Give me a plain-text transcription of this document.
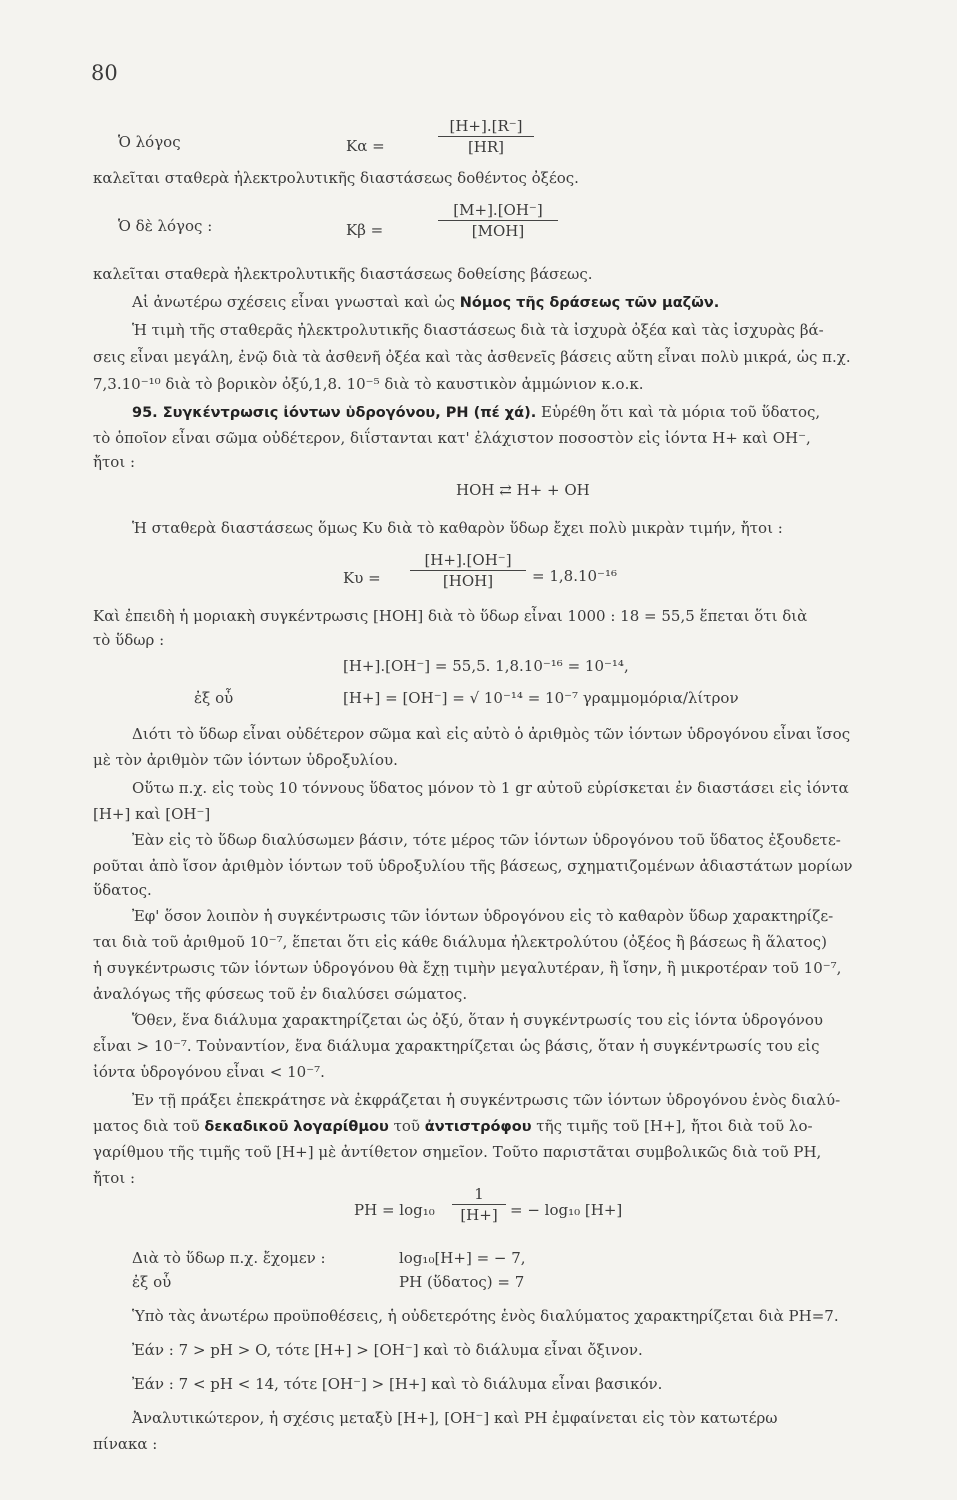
80
Ὁ λόγος	Κα =	$\frac{[H+].[R^-]}{[HR]}$
καλεῖται σταθερὰ ἠλεκτρολυτικῆς διαστάσεως δοθέντος ὀξέος.
Ὁ δὲ λόγος :	Κβ =
[Μ+].[ΟΗ⁻]
[ΜΟΗ]
καλεῖται σταθερὰ ἠλεκτρολυτικῆς διαστάσεως δοθείσης βάσεως.
Αἱ ἀνωτέρω σχέσεις εἶναι γνωσταὶ καὶ ὡς Νόμος τῆς δράσεως τῶν μαζῶν.
Ἡ τιμὴ τῆς σταθερᾶς ἠλεκτρολυτικῆς διαστάσεως διὰ τὰ ἰσχυρὰ ὀξέα καὶ τὰς ἰσχυρὰς βά-
σεις εἶναι μεγάλη, ἐνῷ διὰ τὰ ἀσθενῆ ὀξέα καὶ τὰς ἀσθενεῖς βάσεις αὕτη εἶναι πολὺ μικρά, ὡς π.χ.
7,3.10⁻¹⁰ διὰ τὸ βορικὸν ὀξύ,1,8. 10⁻⁵ διὰ τὸ καυστικὸν ἀμμώνιον κ.ο.κ.
95. Συγκέντρωσις ἰόντων ὑδρογόνου, PH (πέ χά). Εὑρέθη ὅτι καὶ τὰ μόρια τοῦ ὕδατος,
τὸ ὁποῖον εἶναι σῶμα οὐδέτερον, διΐστανται κατ' ἐλάχιστον ποσοστὸν εἰς ἰόντα Η+ καὶ ΟΗ⁻,
ἤτοι :
ΗΟΗ ⇄ Η+ + ΟΗ
Ἡ σταθερὰ διαστάσεως ὅμως Κυ διὰ τὸ καθαρὸν ὕδωρ ἔχει πολὺ μικρὰν τιμήν, ἤτοι :
Κυ =
[Η+].[ΟΗ⁻]
[ΗΟΗ]	= 1,8.10⁻¹⁶
Καὶ ἐπειδὴ ἡ μοριακὴ συγκέντρωσις [ΗΟΗ] διὰ τὸ ὕδωρ εἶναι 1000 : 18 = 55,5 ἕπεται ὅτι διὰ
τὸ ὕδωρ :
[Η+].[ΟΗ⁻] = 55,5. 1,8.10⁻¹⁶ = 10⁻¹⁴,
ἐξ οὗ	[Η+] = [ΟΗ⁻] = √ 10⁻¹⁴ = 10⁻⁷ γραμμομόρια/λίτρον
Διότι τὸ ὕδωρ εἶναι οὐδέτερον σῶμα καὶ εἰς αὐτὸ ὁ ἀριθμὸς τῶν ἰόντων ὑδρογόνου εἶναι ἴσος
μὲ τὸν ἀριθμὸν τῶν ἰόντων ὑδροξυλίου.
Οὕτω π.χ. εἰς τοὺς 10 τόννους ὕδατος μόνον τὸ 1 gr αὐτοῦ εὑρίσκεται ἐν διαστάσει εἰς ἰόντα
[Η+] καὶ [ΟΗ⁻]
Ἐὰν εἰς τὸ ὕδωρ διαλύσωμεν βάσιν, τότε μέρος τῶν ἰόντων ὑδρογόνου τοῦ ὕδατος ἐξουδετε-
ροῦται ἀπὸ ἴσον ἀριθμὸν ἰόντων τοῦ ὑδροξυλίου τῆς βάσεως, σχηματιζομένων ἀδιαστάτων μορίων
ὕδατος.
Ἐφ' ὅσον λοιπὸν ἡ συγκέντρωσις τῶν ἰόντων ὑδρογόνου εἰς τὸ καθαρὸν ὕδωρ χαρακτηρίζε-
ται διὰ τοῦ ἀριθμοῦ 10⁻⁷, ἕπεται ὅτι εἰς κάθε διάλυμα ἠλεκτρολύτου (ὀξέος ἢ βάσεως ἢ ἅλατος)
ἡ συγκέντρωσις τῶν ἰόντων ὑδρογόνου θὰ ἔχῃ τιμὴν μεγαλυτέραν, ἢ ἴσην, ἢ μικροτέραν τοῦ 10⁻⁷,
ἀναλόγως τῆς φύσεως τοῦ ἐν διαλύσει σώματος.
Ὅθεν, ἕνα διάλυμα χαρακτηρίζεται ὡς ὀξύ, ὅταν ἡ συγκέντρωσίς του εἰς ἰόντα ὑδρογόνου
εἶναι > 10⁻⁷. Τοὐναντίον, ἕνα διάλυμα χαρακτηρίζεται ὡς βάσις, ὅταν ἡ συγκέντρωσίς του εἰς
ἰόντα ὑδρογόνου εἶναι < 10⁻⁷.
Ἐν τῇ πράξει ἐπεκράτησε νὰ ἐκφράζεται ἡ συγκέντρωσις τῶν ἰόντων ὑδρογόνου ἑνὸς διαλύ-
ματος διὰ τοῦ δεκαδικοῦ λογαρίθμου τοῦ ἀντιστρόφου τῆς τιμῆς τοῦ [Η+], ἤτοι διὰ τοῦ λο-
γαρίθμου τῆς τιμῆς τοῦ [Η+] μὲ ἀντίθετον σημεῖον. Τοῦτο παριστᾶται συμβολικῶς διὰ τοῦ PH,
ἤτοι :
PH = $\log_{10} \frac{1}{[H+]}$ = − log₁₀ [Η+]
Διὰ τὸ ὕδωρ π.χ. ἔχομεν :	log₁₀[Η+] = − 7,
ἐξ οὗ	PH (ὕδατος) = 7
Ὑπὸ τὰς ἀνωτέρω προϋποθέσεις, ἡ οὐδετερότης ἑνὸς διαλύματος χαρακτηρίζεται διὰ PH=7.
Ἐάν : 7 > pH > O, τότε [Η+] > [ΟΗ⁻] καὶ τὸ διάλυμα εἶναι ὄξινον.
Ἐάν : 7 < pH < 14, τότε [ΟΗ⁻] > [Η+] καὶ τὸ διάλυμα εἶναι βασικόν.
Ἀναλυτικώτερον, ἡ σχέσις μεταξὺ [Η+], [ΟΗ⁻] καὶ PH ἐμφαίνεται εἰς τὸν κατωτέρω
πίνακα :
